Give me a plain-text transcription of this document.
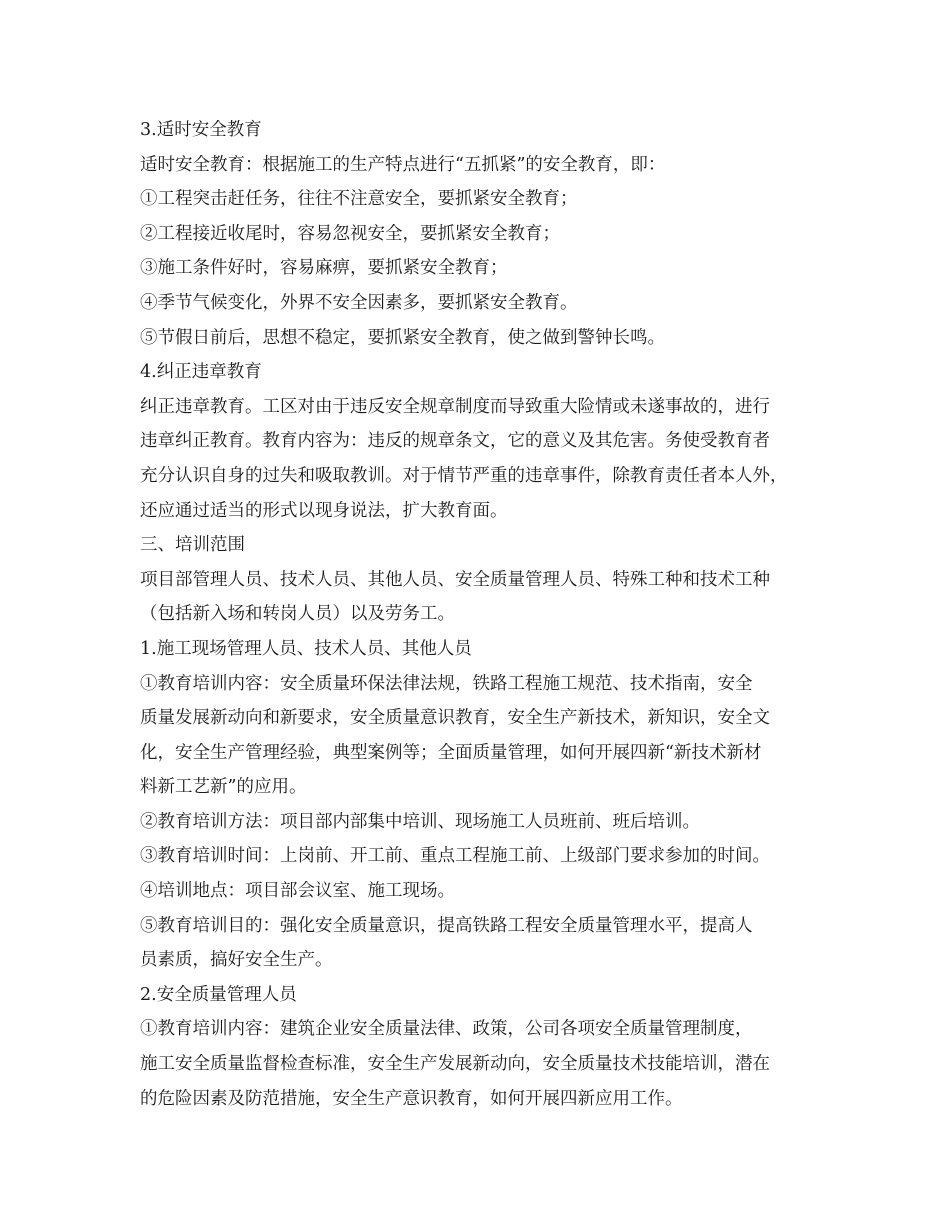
3.适时安全教育
适时安全教育：根据施工的生产特点进行“五抓紧”的安全教育，即：
①工程突击赶任务，往往不注意安全，要抓紧安全教育；
②工程接近收尾时，容易忽视安全，要抓紧安全教育；
③施工条件好时，容易麻痹，要抓紧安全教育；
④季节气候变化，外界不安全因素多，要抓紧安全教育。
⑤节假日前后，思想不稳定，要抓紧安全教育，使之做到警钟长鸣。
4.纠正违章教育
纠正违章教育。工区对由于违反安全规章制度而导致重大险情或未遂事故的，进行
违章纠正教育。教育内容为：违反的规章条文，它的意义及其危害。务使受教育者
充分认识自身的过失和吸取教训。对于情节严重的违章事件，除教育责任者本人外，
还应通过适当的形式以现身说法，扩大教育面。
三、培训范围
项目部管理人员、技术人员、其他人员、安全质量管理人员、特殊工种和技术工种
（包括新入场和转岗人员）以及劳务工。
1.施工现场管理人员、技术人员、其他人员
①教育培训内容：安全质量环保法律法规，铁路工程施工规范、技术指南，安全
质量发展新动向和新要求，安全质量意识教育，安全生产新技术，新知识，安全文
化，安全生产管理经验，典型案例等；全面质量管理，如何开展四新“新技术新材
料新工艺新”的应用。
②教育培训方法：项目部内部集中培训、现场施工人员班前、班后培训。
③教育培训时间：上岗前、开工前、重点工程施工前、上级部门要求参加的时间。
④培训地点：项目部会议室、施工现场。
⑤教育培训目的：强化安全质量意识，提高铁路工程安全质量管理水平，提高人
员素质，搞好安全生产。
2.安全质量管理人员
①教育培训内容：建筑企业安全质量法律、政策，公司各项安全质量管理制度，
施工安全质量监督检查标准，安全生产发展新动向，安全质量技术技能培训，潜在
的危险因素及防范措施，安全生产意识教育，如何开展四新应用工作。
